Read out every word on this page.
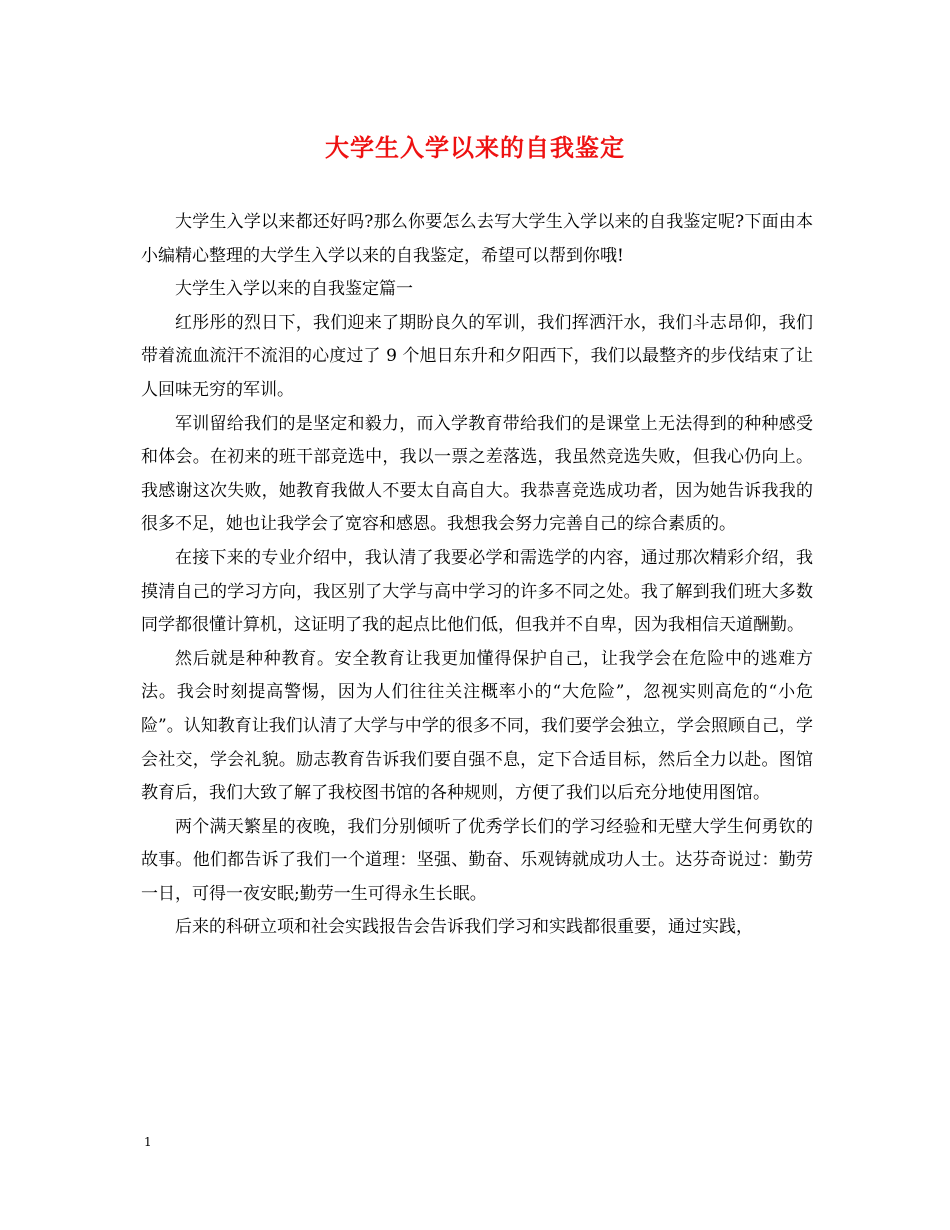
大学生入学以来的自我鉴定

大学生入学以来都还好吗?那么你要怎么去写大学生入学以来的自我鉴定呢?下面由本小编精心整理的大学生入学以来的自我鉴定，希望可以帮到你哦!

大学生入学以来的自我鉴定篇一

红彤彤的烈日下，我们迎来了期盼良久的军训，我们挥洒汗水，我们斗志昂仰，我们带着流血流汗不流泪的心度过了 9 个旭日东升和夕阳西下，我们以最整齐的步伐结束了让人回味无穷的军训。

军训留给我们的是坚定和毅力，而入学教育带给我们的是课堂上无法得到的种种感受和体会。在初来的班干部竞选中，我以一票之差落选，我虽然竞选失败，但我心仍向上。我感谢这次失败，她教育我做人不要太自高自大。我恭喜竞选成功者，因为她告诉我我的很多不足，她也让我学会了宽容和感恩。我想我会努力完善自己的综合素质的。

在接下来的专业介绍中，我认清了我要必学和需选学的内容，通过那次精彩介绍，我摸清自己的学习方向，我区别了大学与高中学习的许多不同之处。我了解到我们班大多数同学都很懂计算机，这证明了我的起点比他们低，但我并不自卑，因为我相信天道酬勤。

然后就是种种教育。安全教育让我更加懂得保护自己，让我学会在危险中的逃难方法。我会时刻提高警惕，因为人们往往关注概率小的“大危险”，忽视实则高危的“小危险”。认知教育让我们认清了大学与中学的很多不同，我们要学会独立，学会照顾自己，学会社交，学会礼貌。励志教育告诉我们要自强不息，定下合适目标，然后全力以赴。图馆教育后，我们大致了解了我校图书馆的各种规则，方便了我们以后充分地使用图馆。

两个满天繁星的夜晚，我们分别倾听了优秀学长们的学习经验和无壁大学生何勇钦的故事。他们都告诉了我们一个道理：坚强、勤奋、乐观铸就成功人士。达芬奇说过：勤劳一日，可得一夜安眠;勤劳一生可得永生长眠。

后来的科研立项和社会实践报告会告诉我们学习和实践都很重要，通过实践，

1
